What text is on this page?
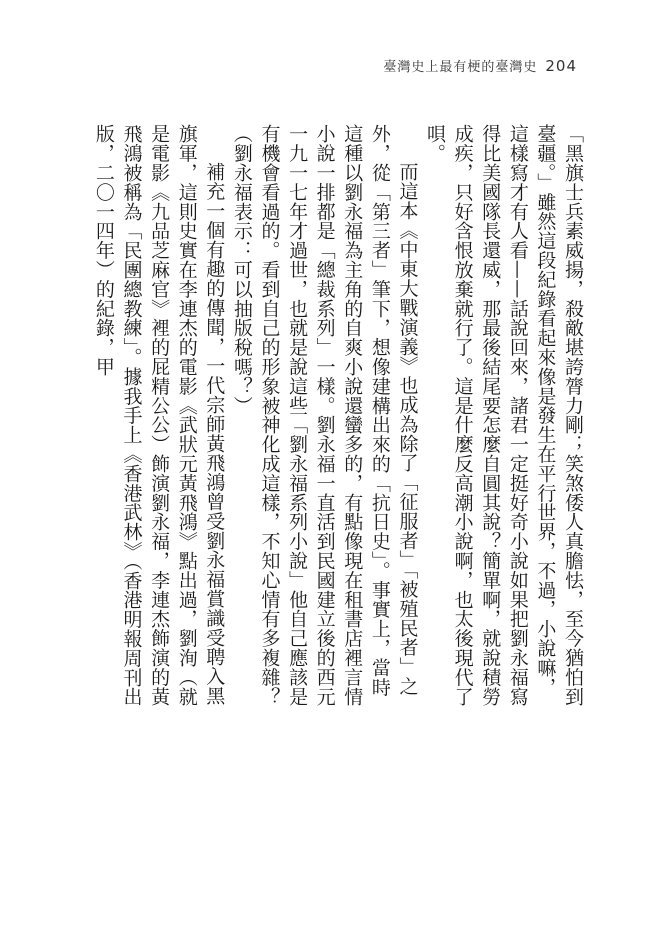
臺灣史上最有梗的臺灣史 204

「黑旗士兵素威揚，殺敵堪誇膂力剛；笑煞倭人真膽怯，至今猶怕到臺疆。」雖然這段紀錄看起來像是發生在平行世界，不過，小說嘛，這樣寫才有人看——話說回來，諸君一定挺好奇小說如果把劉永福寫得比美國隊長還威，那最後結尾要怎麼自圓其說？簡單啊，就說積勞成疾，只好含恨放棄就行了。這是什麼反高潮小說啊，也太後現代了唄。

而這本《中東大戰演義》也成為除了「征服者」「被殖民者」之外，從「第三者」筆下，想像建構出來的「抗日史」。事實上，當時這種以劉永福為主角的自爽小說還蠻多的，有點像現在租書店裡言情小說一排都是「總裁系列」一樣。劉永福一直活到民國建立後的西元一九一七年才過世，也就是說這些「劉永福系列小說」他自己應該是有機會看過的。看到自己的形象被神化成這樣，不知心情有多複雜？（劉永福表示：可以抽版稅嗎？）

補充一個有趣的傳聞，一代宗師黃飛鴻曾受劉永福賞識受聘入黑旗軍，這則史實在李連杰的電影《武狀元黃飛鴻》點出過，劉洵（就是電影《九品芝麻官》裡的屁精公公）飾演劉永福，李連杰飾演的黃飛鴻被稱為「民團總教練」。據我手上《香港武林》（香港明報周刊出版，二〇一四年）的紀錄，甲
